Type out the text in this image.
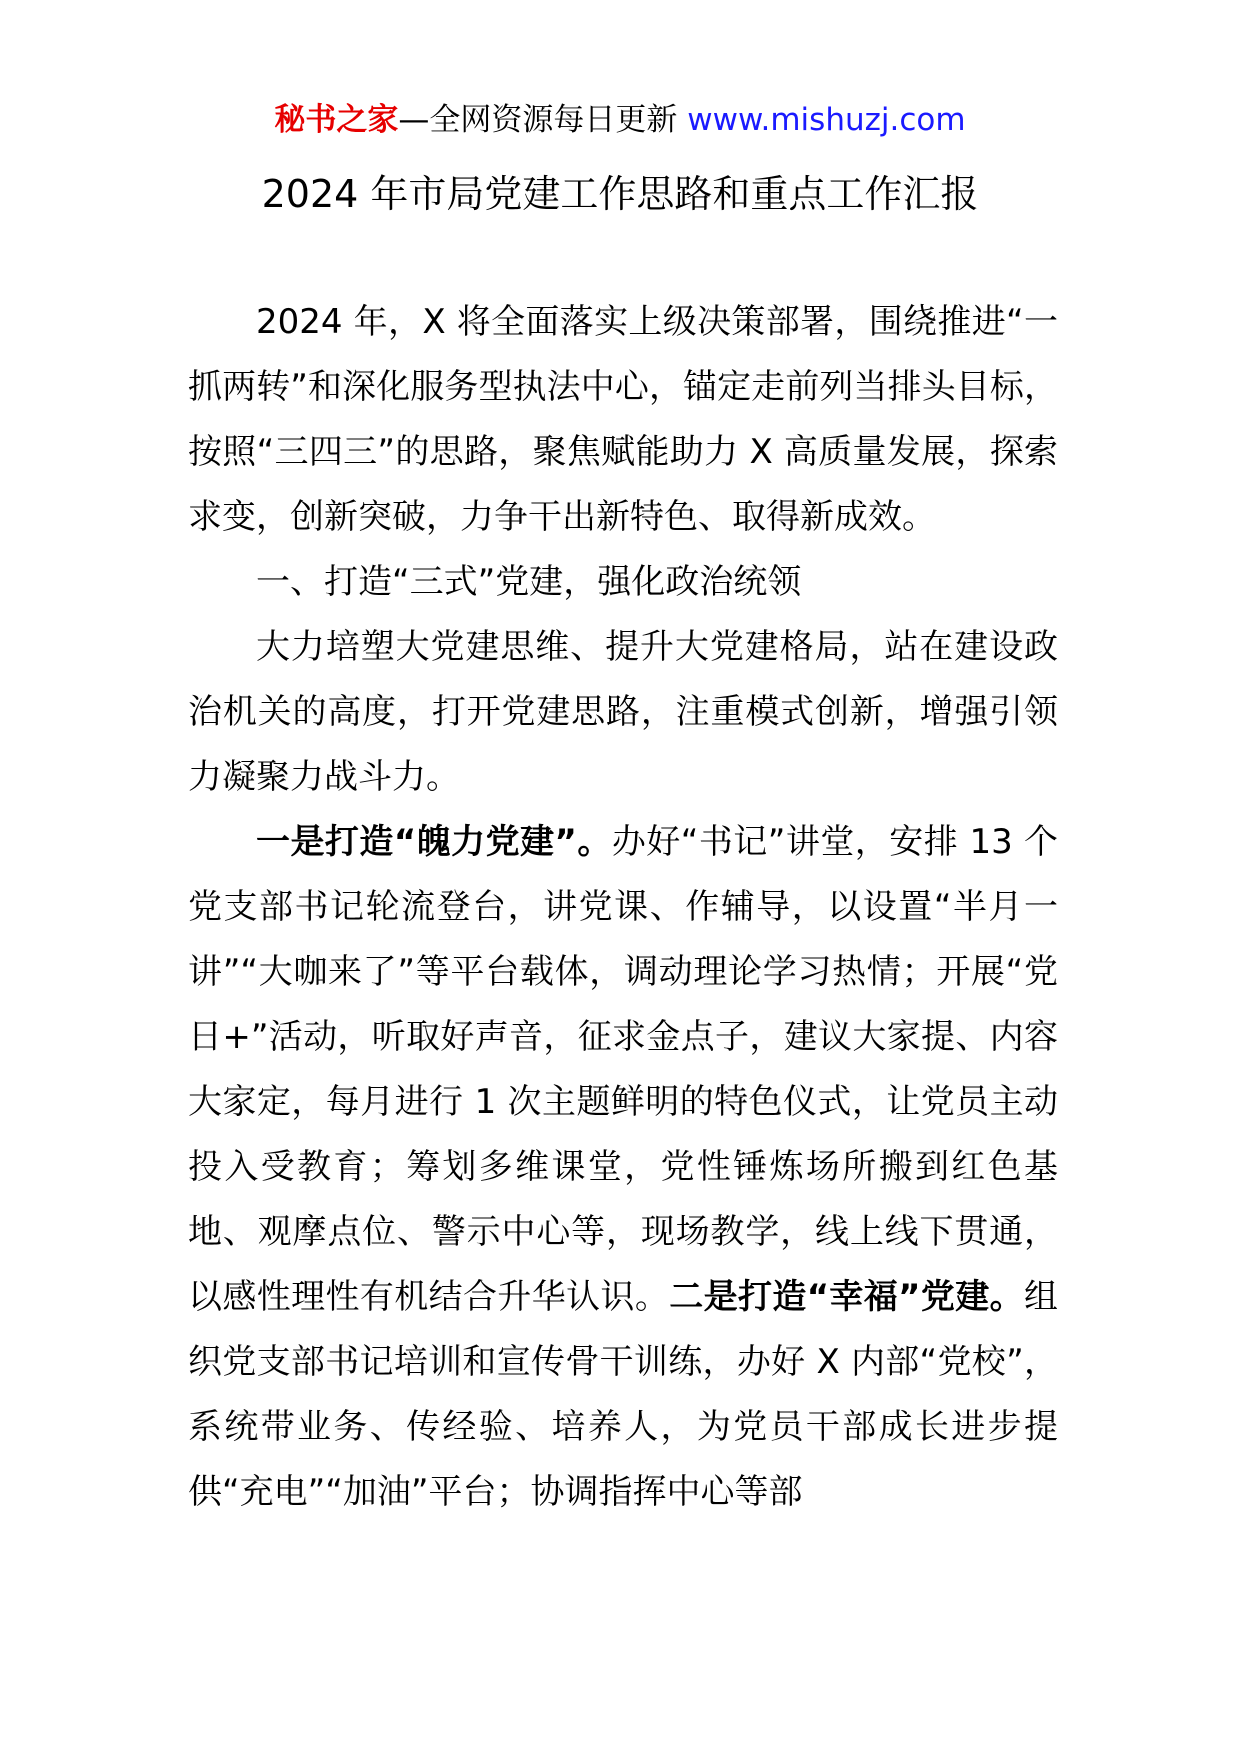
秘书之家—全网资源每日更新 www.mishuzj.com
2024 年市局党建工作思路和重点工作汇报

2024 年，X 将全面落实上级决策部署，围绕推进“一抓两转”和深化服务型执法中心，锚定走前列当排头目标，按照“三四三”的思路，聚焦赋能助力 X 高质量发展，探索求变，创新突破，力争干出新特色、取得新成效。

一、打造“三式”党建，强化政治统领

大力培塑大党建思维、提升大党建格局，站在建设政治机关的高度，打开党建思路，注重模式创新，增强引领力凝聚力战斗力。

一是打造“魄力党建”。办好“书记”讲堂，安排 13 个党支部书记轮流登台，讲党课、作辅导，以设置“半月一讲”“大咖来了”等平台载体，调动理论学习热情；开展“党日+”活动，听取好声音，征求金点子，建议大家提、内容大家定，每月进行 1 次主题鲜明的特色仪式，让党员主动投入受教育；筹划多维课堂，党性锤炼场所搬到红色基地、观摩点位、警示中心等，现场教学，线上线下贯通，以感性理性有机结合升华认识。二是打造“幸福”党建。组织党支部书记培训和宣传骨干训练，办好 X 内部“党校”，系统带业务、传经验、培养人，为党员干部成长进步提供“充电”“加油”平台；协调指挥中心等部
